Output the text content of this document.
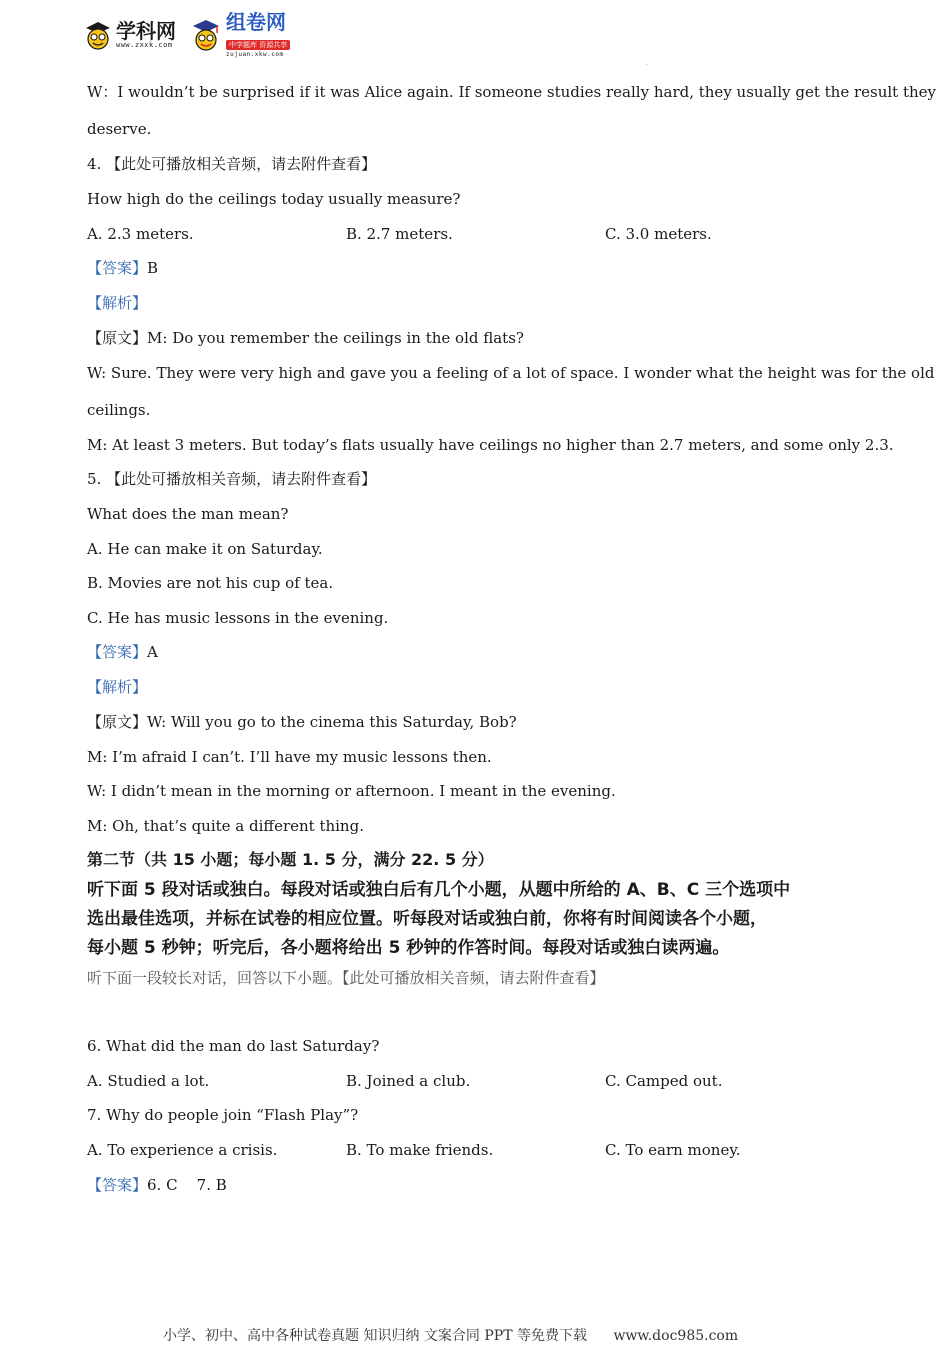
学科网
www.zxxk.com
组卷网
中学题库 资源共享
zujuan.xkw.com
·
W：I wouldn’t be surprised if it was Alice again. If someone studies really hard, they usually get the result they
deserve.
4. 【此处可播放相关音频，请去附件查看】
How high do the ceilings today usually measure?
A. 2.3 meters.	B. 2.7 meters.	C. 3.0 meters.
【答案】B
【解析】
【原文】M: Do you remember the ceilings in the old flats?
W: Sure. They were very high and gave you a feeling of a lot of space. I wonder what the height was for the old
ceilings.
M: At least 3 meters. But today’s flats usually have ceilings no higher than 2.7 meters, and some only 2.3.
5. 【此处可播放相关音频，请去附件查看】
What does the man mean?
A. He can make it on Saturday.
B. Movies are not his cup of tea.
C. He has music lessons in the evening.
【答案】A
【解析】
【原文】W: Will you go to the cinema this Saturday, Bob?
M: I’m afraid I can’t. I’ll have my music lessons then.
W: I didn’t mean in the morning or afternoon. I meant in the evening.
M: Oh, that’s quite a different thing.
第二节（共 15 小题；每小题 1. 5 分，满分 22. 5 分）
听下面 5 段对话或独白。每段对话或独白后有几个小题，从题中所给的 A、B、C 三个选项中
选出最佳选项，并标在试卷的相应位置。听每段对话或独白前，你将有时间阅读各个小题，
每小题 5 秒钟；听完后，各小题将给出 5 秒钟的作答时间。每段对话或独白读两遍。
听下面一段较长对话，回答以下小题。【此处可播放相关音频，请去附件查看】
6. What did the man do last Saturday?
A. Studied a lot.	B. Joined a club.	C. Camped out.
7. Why do people join “Flash Play”?
A. To experience a crisis.	B. To make friends.	C. To earn money.
【答案】6. C    7. B
小学、初中、高中各种试卷真题 知识归纳 文案合同 PPT 等免费下载 www.doc985.com
